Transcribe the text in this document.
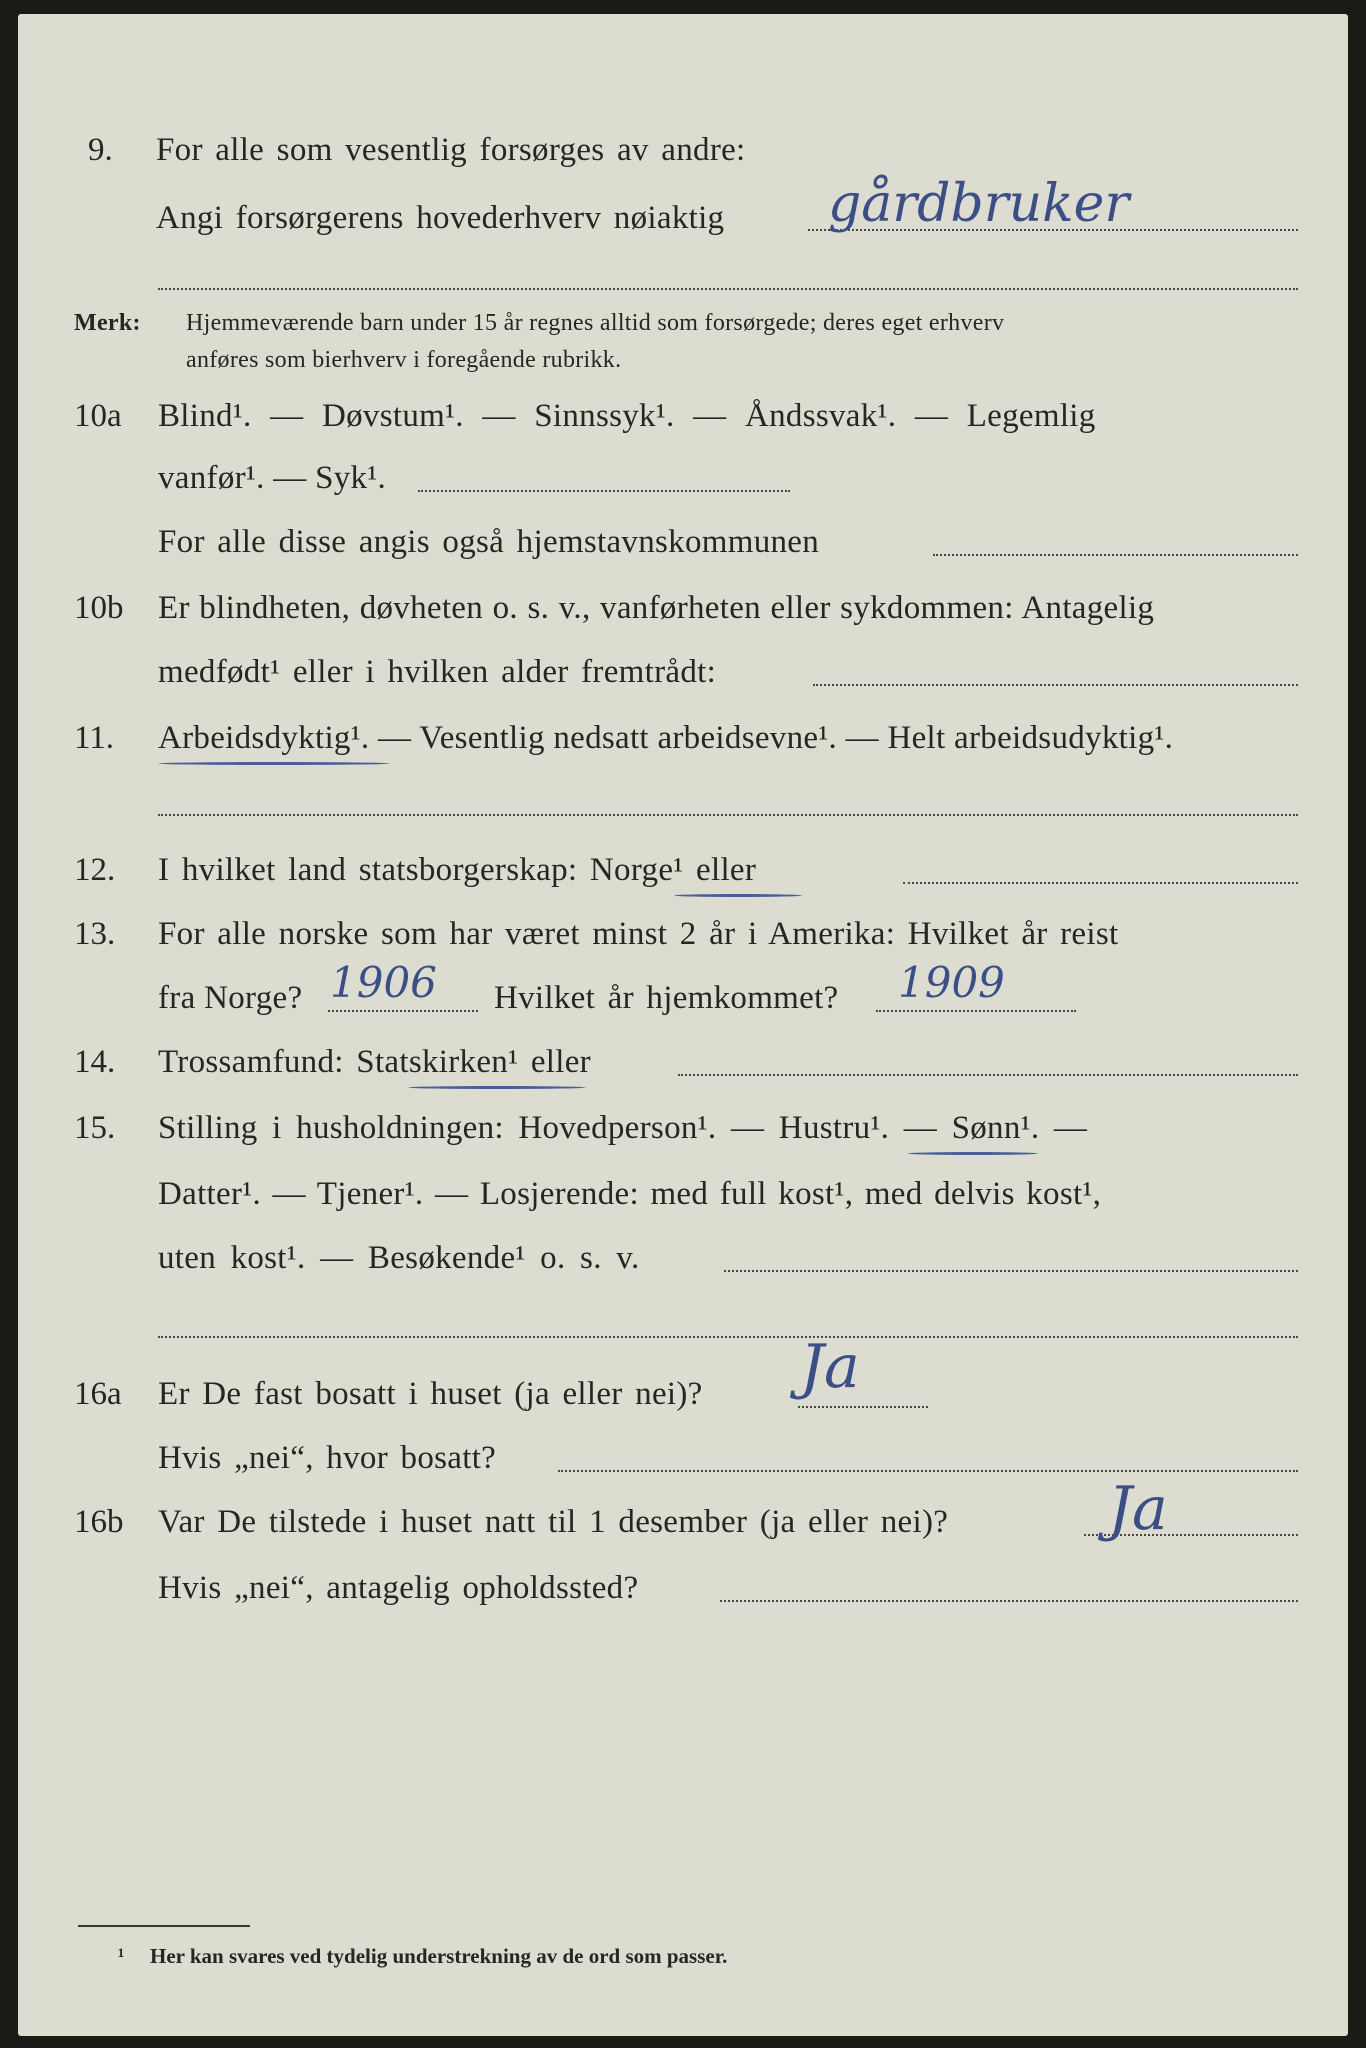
9. For alle som vesentlig forsørges av andre:
Angi forsørgerens hovederhverv nøiaktig gårdbruker
Merk: Hjemmeværende barn under 15 år regnes alltid som forsørgede; deres eget erhverv
anføres som bierhverv i foregående rubrikk.
10a Blind¹. — Døvstum¹. — Sinnssyk¹. — Åndssvak¹. — Legemlig
vanfør¹. — Syk¹.
For alle disse angis også hjemstavnskommunen
10b Er blindheten, døvheten o. s. v., vanførheten eller sykdommen: Antagelig
medfødt¹ eller i hvilken alder fremtrådt:
11. Arbeidsdyktig¹. — Vesentlig nedsatt arbeidsevne¹. — Helt arbeidsudyktig¹.
12. I hvilket land statsborgerskap: Norge¹ eller
13. For alle norske som har været minst 2 år i Amerika: Hvilket år reist
fra Norge? 1906 Hvilket år hjemkommet? 1909
14. Trossamfund: Statskirken¹ eller
15. Stilling i husholdningen: Hovedperson¹. — Hustru¹. — Sønn¹. —
Datter¹. — Tjener¹. — Losjerende: med full kost¹, med delvis kost¹,
uten kost¹. — Besøkende¹ o. s. v.
16a Er De fast bosatt i huset (ja eller nei)? Ja
Hvis „nei“, hvor bosatt?
16b Var De tilstede i huset natt til 1 desember (ja eller nei)?	Ja
Hvis „nei“, antagelig opholdssted?
¹ Her kan svares ved tydelig understrekning av de ord som passer.
